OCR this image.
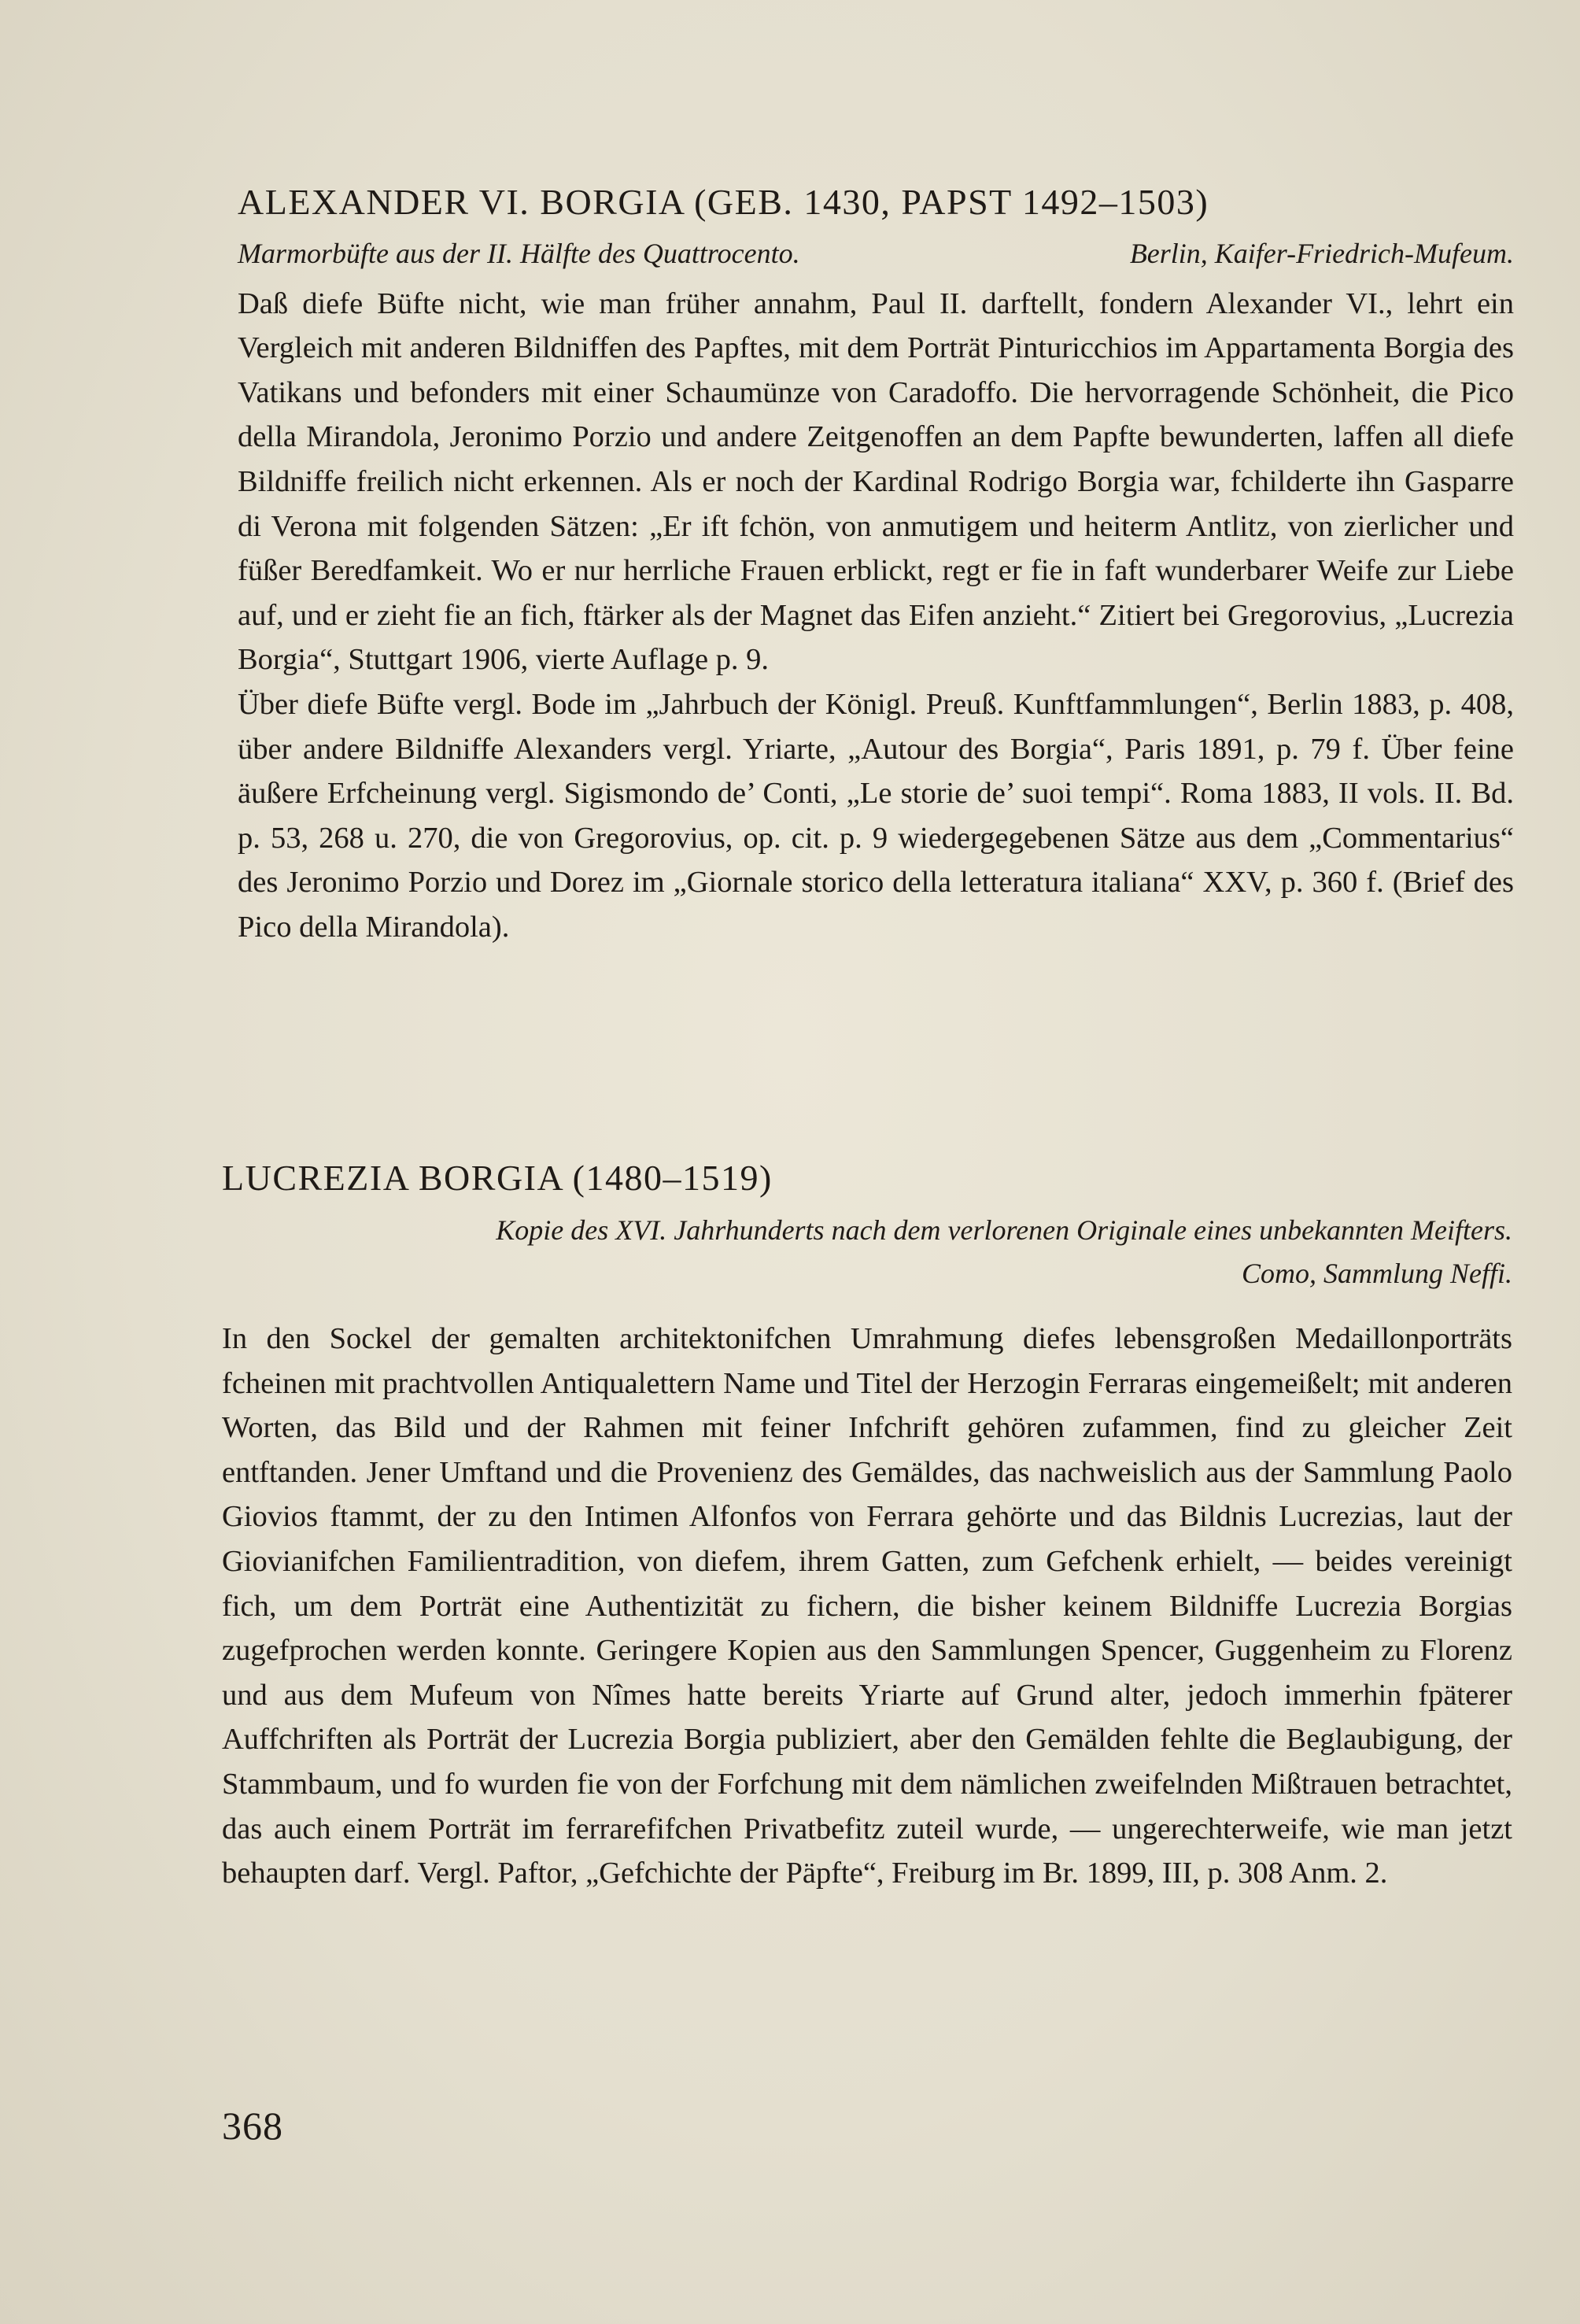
ALEXANDER VI. BORGIA (GEB. 1430, PAPST 1492–1503)
Marmorbüfte aus der II. Hälfte des Quattrocento.	Berlin, Kaifer-Friedrich-Mufeum.

Daß diefe Büfte nicht, wie man früher annahm, Paul II. darftellt, fondern Alexander VI., lehrt ein Vergleich mit anderen Bildniffen des Papftes, mit dem Porträt Pinturicchios im Appartamenta Borgia des Vatikans und befonders mit einer Schaumünze von Caradoffo. Die hervorragende Schönheit, die Pico della Mirandola, Jeronimo Porzio und andere Zeitgenoffen an dem Papfte bewunderten, laffen all diefe Bildniffe freilich nicht erkennen. Als er noch der Kardinal Rodrigo Borgia war, fchilderte ihn Gasparre di Verona mit folgenden Sätzen: „Er ift fchön, von anmutigem und heiterm Antlitz, von zierlicher und füßer Beredfamkeit. Wo er nur herrliche Frauen erblickt, regt er fie in faft wunderbarer Weife zur Liebe auf, und er zieht fie an fich, ftärker als der Magnet das Eifen anzieht.“ Zitiert bei Gregorovius, „Lucrezia Borgia“, Stuttgart 1906, vierte Auflage p. 9.

Über diefe Büfte vergl. Bode im „Jahrbuch der Königl. Preuß. Kunftfammlungen“, Berlin 1883, p. 408, über andere Bildniffe Alexanders vergl. Yriarte, „Autour des Borgia“, Paris 1891, p. 79 f. Über feine äußere Erfcheinung vergl. Sigismondo de’ Conti, „Le storie de’ suoi tempi“. Roma 1883, II vols. II. Bd. p. 53, 268 u. 270, die von Gregorovius, op. cit. p. 9 wiedergegebenen Sätze aus dem „Commentarius“ des Jeronimo Porzio und Dorez im „Giornale storico della letteratura italiana“ XXV, p. 360 f. (Brief des Pico della Mirandola).

LUCREZIA BORGIA (1480–1519)
Kopie des XVI. Jahrhunderts nach dem verlorenen Originale eines unbekannten Meifters.
Como, Sammlung Neffi.

In den Sockel der gemalten architektonifchen Umrahmung diefes lebensgroßen Medaillonporträts fcheinen mit prachtvollen Antiqualettern Name und Titel der Herzogin Ferraras eingemeißelt; mit anderen Worten, das Bild und der Rahmen mit feiner Infchrift gehören zufammen, find zu gleicher Zeit entftanden. Jener Umftand und die Provenienz des Gemäldes, das nachweislich aus der Sammlung Paolo Giovios ftammt, der zu den Intimen Alfonfos von Ferrara gehörte und das Bildnis Lucrezias, laut der Giovianifchen Familientradition, von diefem, ihrem Gatten, zum Gefchenk erhielt, — beides vereinigt fich, um dem Porträt eine Authentizität zu fichern, die bisher keinem Bildniffe Lucrezia Borgias zugefprochen werden konnte. Geringere Kopien aus den Sammlungen Spencer, Guggenheim zu Florenz und aus dem Mufeum von Nîmes hatte bereits Yriarte auf Grund alter, jedoch immerhin fpäterer Auffchriften als Porträt der Lucrezia Borgia publiziert, aber den Gemälden fehlte die Beglaubigung, der Stammbaum, und fo wurden fie von der Forfchung mit dem nämlichen zweifelnden Mißtrauen betrachtet, das auch einem Porträt im ferrarefifchen Privatbefitz zuteil wurde, — ungerechterweife, wie man jetzt behaupten darf. Vergl. Paftor, „Gefchichte der Päpfte“, Freiburg im Br. 1899, III, p. 308 Anm. 2.

368
